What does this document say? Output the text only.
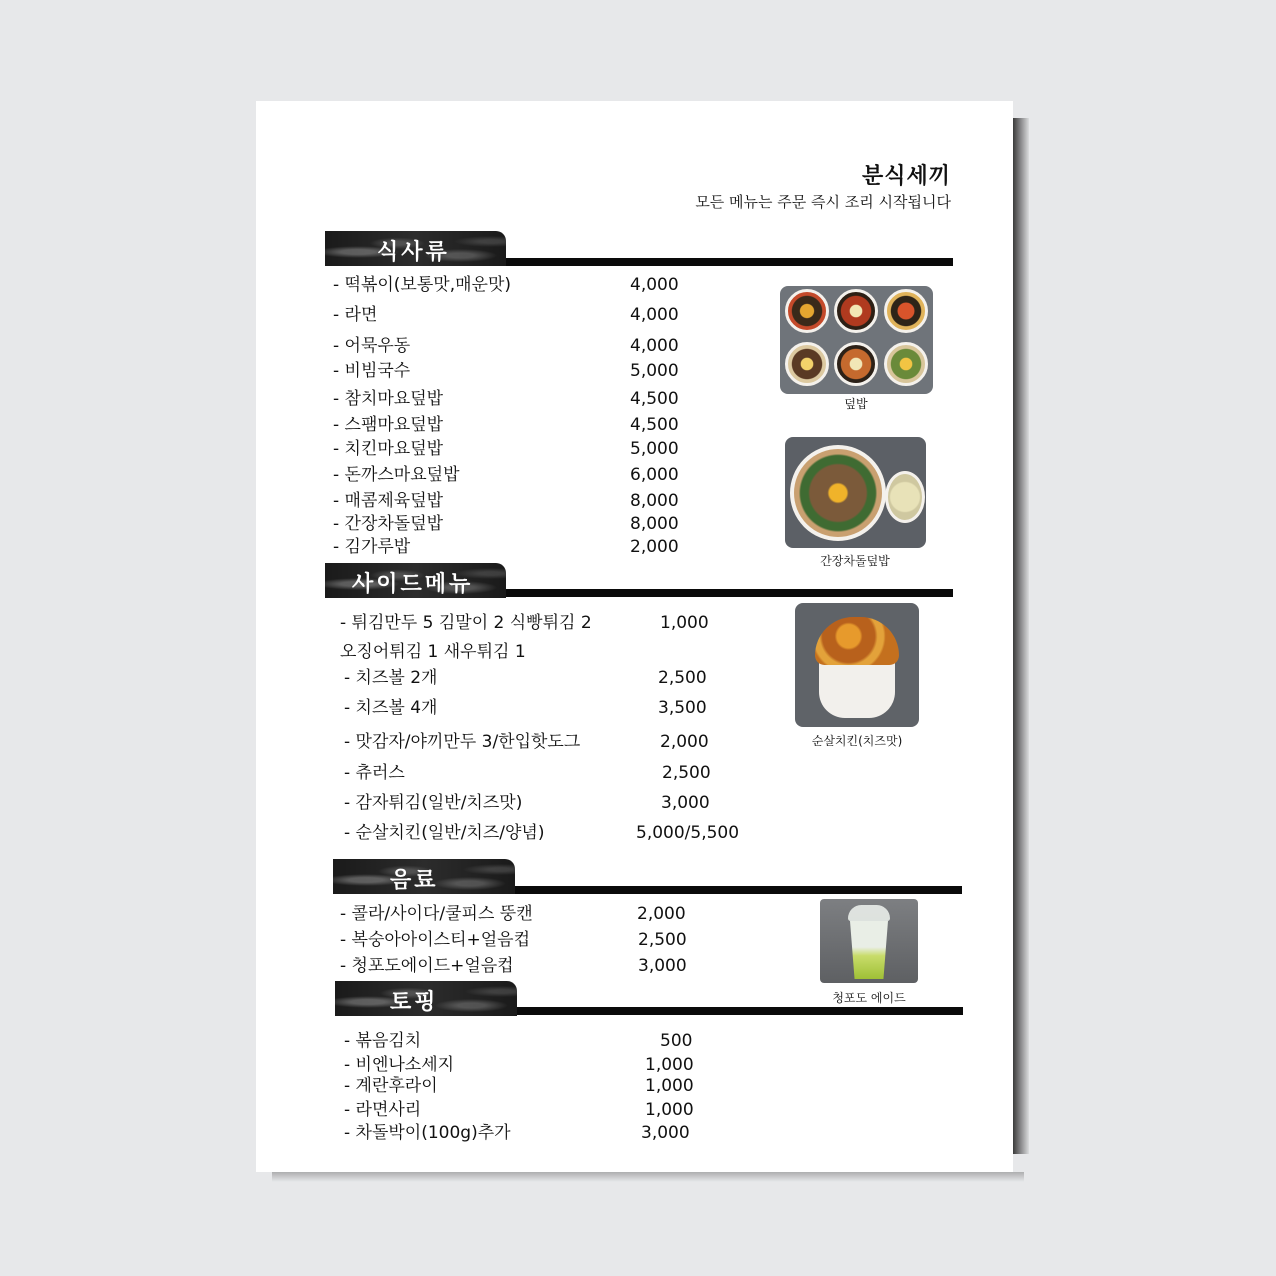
분식세끼
모든 메뉴는 주문 즉시 조리 시작됩니다
식사류
- 떡볶이(보통맛,매운맛)	4,000
- 라면	4,000
- 어묵우동	4,000
- 비빔국수	5,000
- 참치마요덮밥	4,500
- 스팸마요덮밥	4,500
- 치킨마요덮밥	5,000
- 돈까스마요덮밥	6,000
- 매콤제육덮밥	8,000
- 간장차돌덮밥	8,000
- 김가루밥	2,000
덮밥
간장차돌덮밥
사이드메뉴
- 튀김만두 5 김말이 2 식빵튀김 2	1,000
오징어튀김 1 새우튀김 1
- 치즈볼 2개	2,500
- 치즈볼 4개	3,500
- 맛감자/야끼만두 3/한입핫도그	2,000
- 츄러스	2,500
- 감자튀김(일반/치즈맛)	3,000
- 순살치킨(일반/치즈/양념)	5,000/5,500
순살치킨(치즈맛)
음료
- 콜라/사이다/쿨피스 뚱캔	2,000
- 복숭아아이스티+얼음컵	2,500
- 청포도에이드+얼음컵	3,000
청포도 에이드
토핑
- 볶음김치	500
- 비엔나소세지	1,000
- 계란후라이	1,000
- 라면사리	1,000
- 차돌박이(100g)추가	3,000
